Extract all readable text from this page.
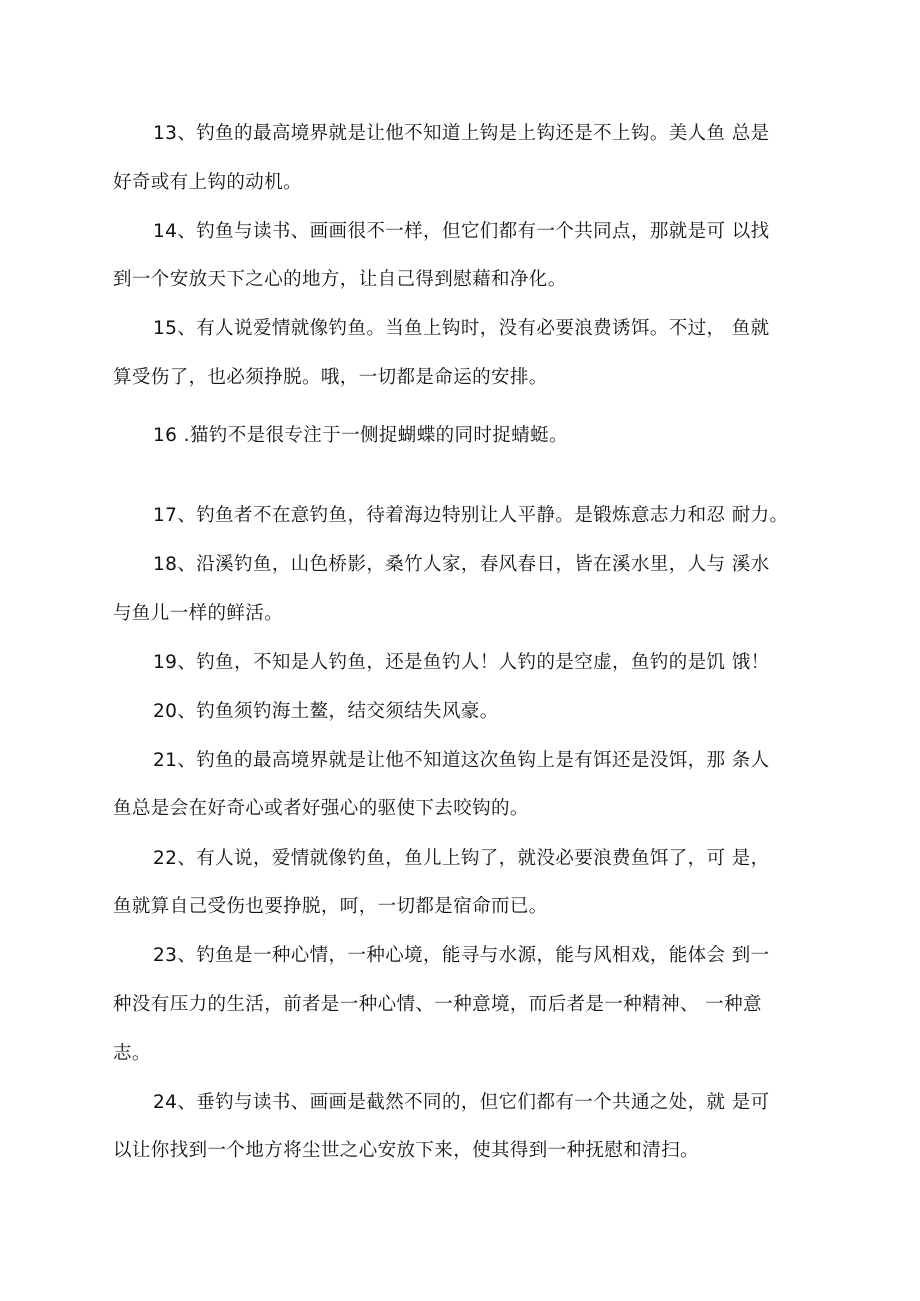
13、钓鱼的最高境界就是让他不知道上钩是上钩还是不上钩。美人鱼 总是

好奇或有上钩的动机。

14、钓鱼与读书、画画很不一样，但它们都有一个共同点，那就是可 以找

到一个安放天下之心的地方，让自己得到慰藉和净化。

15、有人说爱情就像钓鱼。当鱼上钩时，没有必要浪费诱饵。不过， 鱼就

算受伤了，也必须挣脱。哦，一切都是命运的安排。

16 .猫钓不是很专注于一侧捉蝴蝶的同时捉蜻蜓。

17、钓鱼者不在意钓鱼，待着海边特别让人平静。是锻炼意志力和忍 耐力。

18、沿溪钓鱼，山色桥影，桑竹人家，春风春日，皆在溪水里，人与 溪水

与鱼儿一样的鲜活。

19、钓鱼，不知是人钓鱼，还是鱼钓人！人钓的是空虚，鱼钓的是饥 饿！

20、钓鱼须钓海土鳌，结交须结失风豪。

21、钓鱼的最高境界就是让他不知道这次鱼钩上是有饵还是没饵，那 条人

鱼总是会在好奇心或者好强心的驱使下去咬钩的。

22、有人说，爱情就像钓鱼，鱼儿上钩了，就没必要浪费鱼饵了，可 是，

鱼就算自己受伤也要挣脱，呵，一切都是宿命而已。

23、钓鱼是一种心情，一种心境，能寻与水源，能与风相戏，能体会 到一

种没有压力的生活，前者是一种心情、一种意境，而后者是一种精神、 一种意

志。

24、垂钓与读书、画画是截然不同的，但它们都有一个共通之处，就 是可

以让你找到一个地方将尘世之心安放下来，使其得到一种抚慰和清扫。
